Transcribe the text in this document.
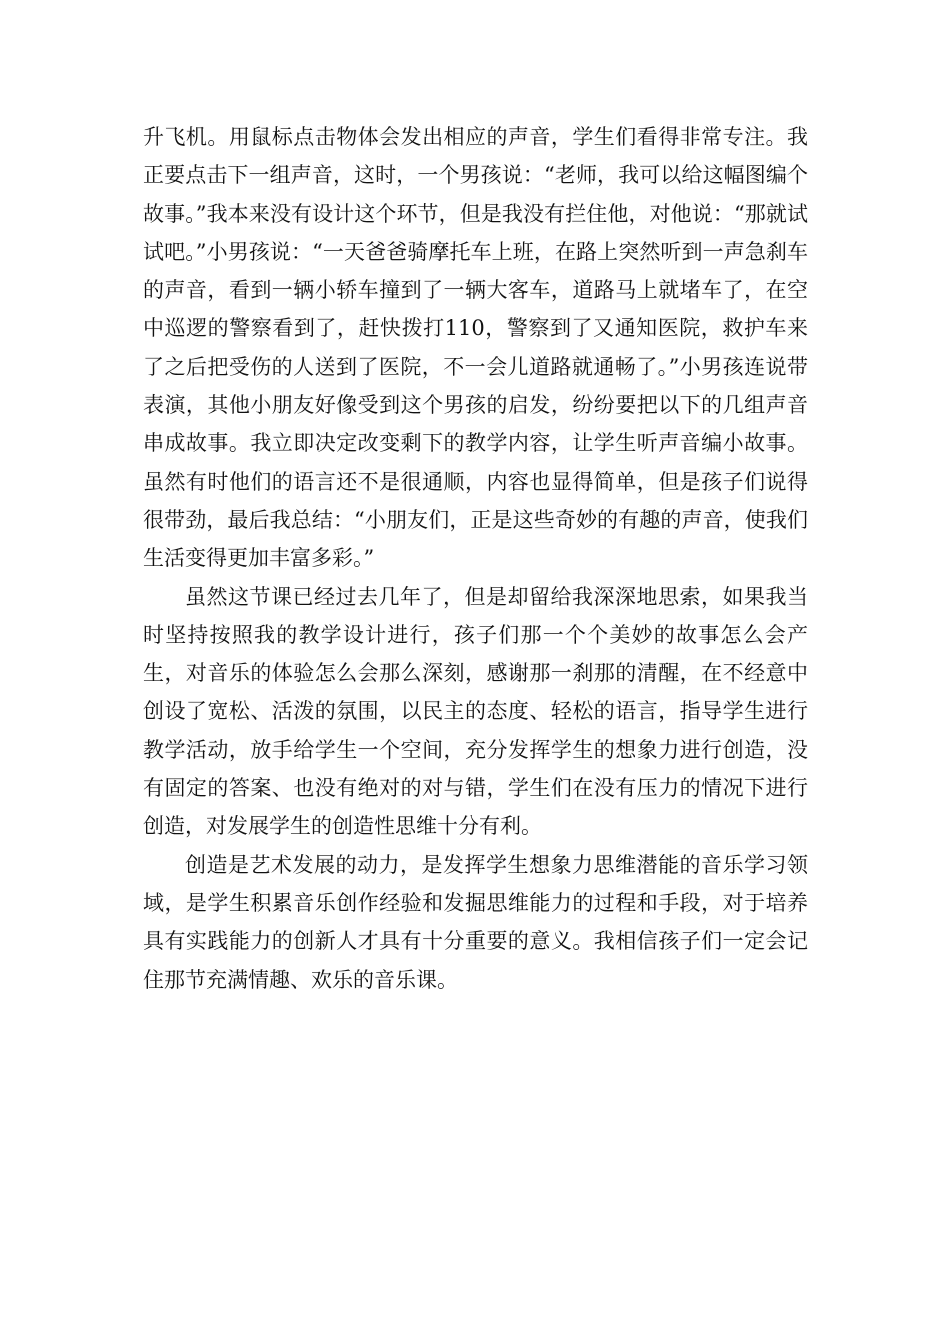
升飞机。用鼠标点击物体会发出相应的声音，学生们看得非常专注。我正要点击下一组声音，这时，一个男孩说：“老师，我可以给这幅图编个故事。”我本来没有设计这个环节，但是我没有拦住他，对他说：“那就试试吧。”小男孩说：“一天爸爸骑摩托车上班，在路上突然听到一声急刹车的声音，看到一辆小轿车撞到了一辆大客车，道路马上就堵车了，在空中巡逻的警察看到了，赶快拨打110，警察到了又通知医院，救护车来了之后把受伤的人送到了医院，不一会儿道路就通畅了。”小男孩连说带表演，其他小朋友好像受到这个男孩的启发，纷纷要把以下的几组声音串成故事。我立即决定改变剩下的教学内容，让学生听声音编小故事。虽然有时他们的语言还不是很通顺，内容也显得简单，但是孩子们说得很带劲，最后我总结：“小朋友们，正是这些奇妙的有趣的声音，使我们生活变得更加丰富多彩。”

虽然这节课已经过去几年了，但是却留给我深深地思索，如果我当时坚持按照我的教学设计进行，孩子们那一个个美妙的故事怎么会产生，对音乐的体验怎么会那么深刻，感谢那一刹那的清醒，在不经意中创设了宽松、活泼的氛围，以民主的态度、轻松的语言，指导学生进行教学活动，放手给学生一个空间，充分发挥学生的想象力进行创造，没有固定的答案、也没有绝对的对与错，学生们在没有压力的情况下进行创造，对发展学生的创造性思维十分有利。

创造是艺术发展的动力，是发挥学生想象力思维潜能的音乐学习领域，是学生积累音乐创作经验和发掘思维能力的过程和手段，对于培养具有实践能力的创新人才具有十分重要的意义。我相信孩子们一定会记住那节充满情趣、欢乐的音乐课。
